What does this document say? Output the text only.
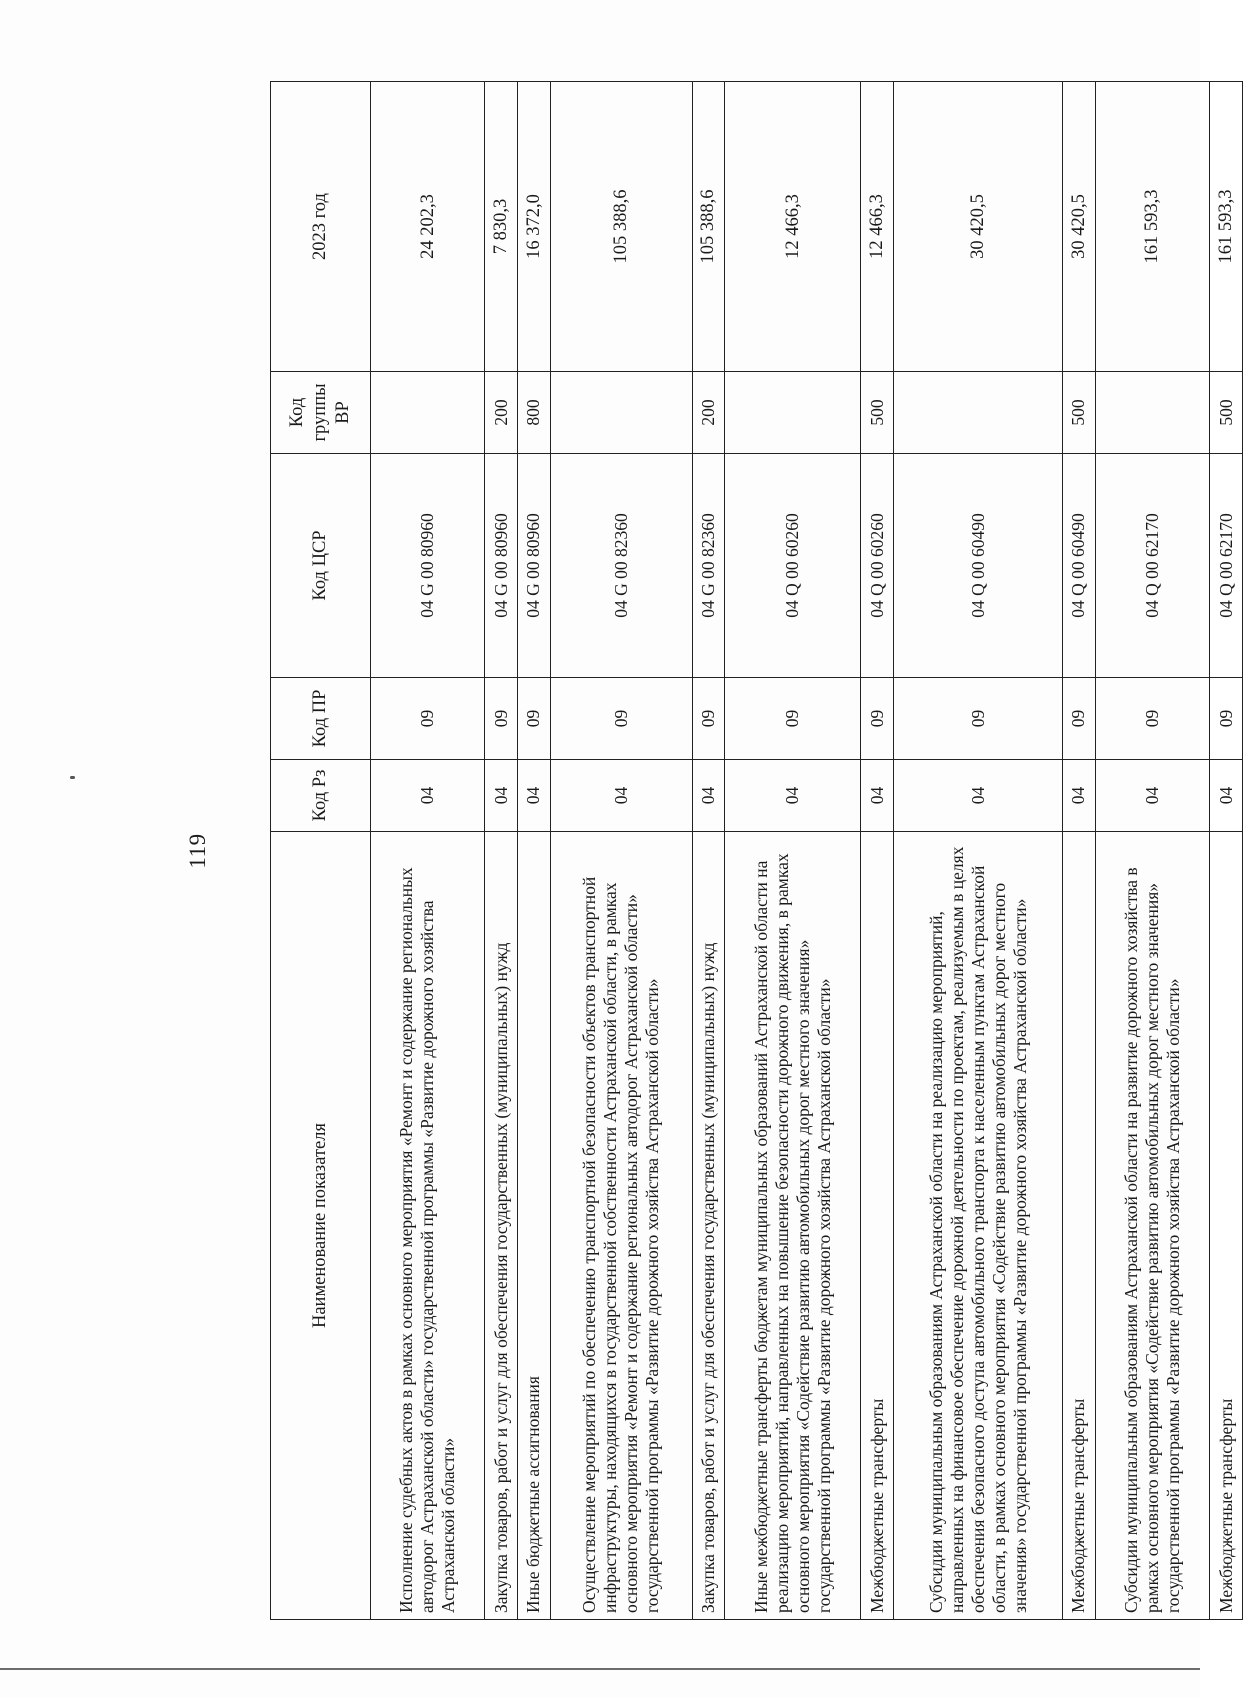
119
Наименование показателя	Код Рз	Код ПР	Код ЦСР	Код группы ВР	2023 год
Исполнение судебных актов в рамках основного мероприятия «Ремонт и содержание региональных автодорог Астраханской области» государственной программы «Развитие дорожного хозяйства Астраханской области»	04	09	04 G 00 80960		24 202,3
Закупка товаров, работ и услуг для обеспечения государственных (муниципальных) нужд	04	09	04 G 00 80960	200	7 830,3
Иные бюджетные ассигнования	04	09	04 G 00 80960	800	16 372,0
Осуществление мероприятий по обеспечению транспортной безопасности объектов транспортной инфраструктуры, находящихся в государственной собственности Астраханской области, в рамках основного мероприятия «Ремонт и содержание региональных автодорог Астраханской области» государственной программы «Развитие дорожного хозяйства Астраханской области»	04	09	04 G 00 82360		105 388,6
Закупка товаров, работ и услуг для обеспечения государственных (муниципальных) нужд	04	09	04 G 00 82360	200	105 388,6
Иные межбюджетные трансферты бюджетам муниципальных образований Астраханской области на реализацию мероприятий, направленных на повышение безопасности дорожного движения, в рамках основного мероприятия «Содействие развитию автомобильных дорог местного значения» государственной программы «Развитие дорожного хозяйства Астраханской области»	04	09	04 Q 00 60260		12 466,3
Межбюджетные трансферты	04	09	04 Q 00 60260	500	12 466,3
Субсидии муниципальным образованиям Астраханской области на реализацию мероприятий, направленных на финансовое обеспечение дорожной деятельности по проектам, реализуемым в целях обеспечения безопасного доступа автомобильного транспорта к населенным пунктам Астраханской области, в рамках основного мероприятия «Содействие развитию автомобильных дорог местного значения» государственной программы «Развитие дорожного хозяйства Астраханской области»	04	09	04 Q 00 60490		30 420,5
Межбюджетные трансферты	04	09	04 Q 00 60490	500	30 420,5
Субсидии муниципальным образованиям Астраханской области на развитие дорожного хозяйства в рамках основного мероприятия «Содействие развитию автомобильных дорог местного значения» государственной программы «Развитие дорожного хозяйства Астраханской области»	04	09	04 Q 00 62170		161 593,3
Межбюджетные трансферты	04	09	04 Q 00 62170	500	161 593,3
